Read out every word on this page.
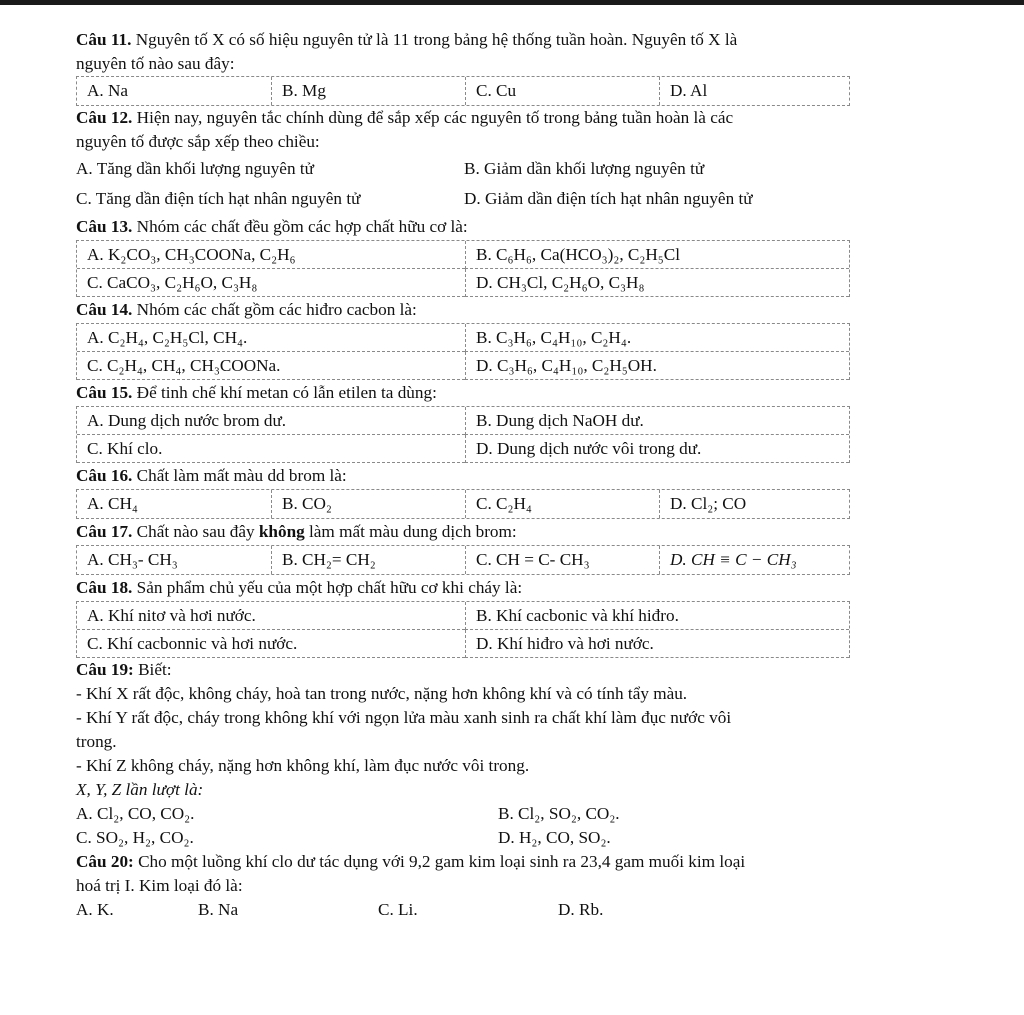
Câu 11. Nguyên tố X có số hiệu nguyên tử là 11 trong bảng hệ thống tuần hoàn. Nguyên tố X là
nguyên tố nào sau đây:
A. Na	B. Mg	C. Cu	D. Al
Câu 12. Hiện nay, nguyên tắc chính dùng để sắp xếp các nguyên tố trong bảng tuần hoàn là các
nguyên tố được sắp xếp theo chiều:
A. Tăng dần khối lượng nguyên tử	B. Giảm dần khối lượng nguyên tử
C. Tăng dần điện tích hạt nhân nguyên tử	D. Giảm dần điện tích hạt nhân nguyên tử
Câu 13. Nhóm các chất đều gồm các hợp chất hữu cơ là:
A. K₂CO₃, CH₃COONa, C₂H₆	B. C₆H₆, Ca(HCO₃)₂, C₂H₅Cl
C. CaCO₃, C₂H₆O, C₃H₈	D. CH₃Cl, C₂H₆O, C₃H₈
Câu 14. Nhóm các chất gồm các hiđro cacbon là:
A. C₂H₄, C₂H₅Cl, CH₄.	B. C₃H₆, C₄H₁₀, C₂H₄.
C. C₂H₄, CH₄, CH₃COONa.	D. C₃H₆, C₄H₁₀, C₂H₅OH.
Câu 15. Để tinh chế khí metan có lẫn etilen ta dùng:
A. Dung dịch nước brom dư.	B. Dung dịch NaOH dư.
C. Khí clo.	D. Dung dịch nước vôi trong dư.
Câu 16. Chất làm mất màu dd brom là:
A. CH₄	B. CO₂	C. C₂H₄	D. Cl₂; CO
Câu 17. Chất nào sau đây không làm mất màu dung dịch brom:
A. CH₃- CH₃	B. CH₂= CH₂	C. CH = C- CH₃	D. CH ≡ C − CH₃
Câu 18. Sản phẩm chủ yếu của một hợp chất hữu cơ khi cháy là:
A. Khí nitơ và hơi nước.	B. Khí cacbonic và khí hiđro.
C. Khí cacbonnic và hơi nước.	D. Khí hiđro và hơi nước.
Câu 19: Biết:
- Khí X rất độc, không cháy, hoà tan trong nước, nặng hơn không khí và có tính tẩy màu.
- Khí Y rất độc, cháy trong không khí với ngọn lửa màu xanh sinh ra chất khí làm đục nước vôi
trong.
- Khí Z không cháy, nặng hơn không khí, làm đục nước vôi trong.
X, Y, Z lần lượt là:
A. Cl₂, CO, CO₂.	B. Cl₂, SO₂, CO₂.
C. SO₂, H₂, CO₂.	D. H₂, CO, SO₂.
Câu 20: Cho một luồng khí clo dư tác dụng với 9,2 gam kim loại sinh ra 23,4 gam muối kim loại
hoá trị I. Kim loại đó là:
A. K.	B. Na	C. Li.	D. Rb.
